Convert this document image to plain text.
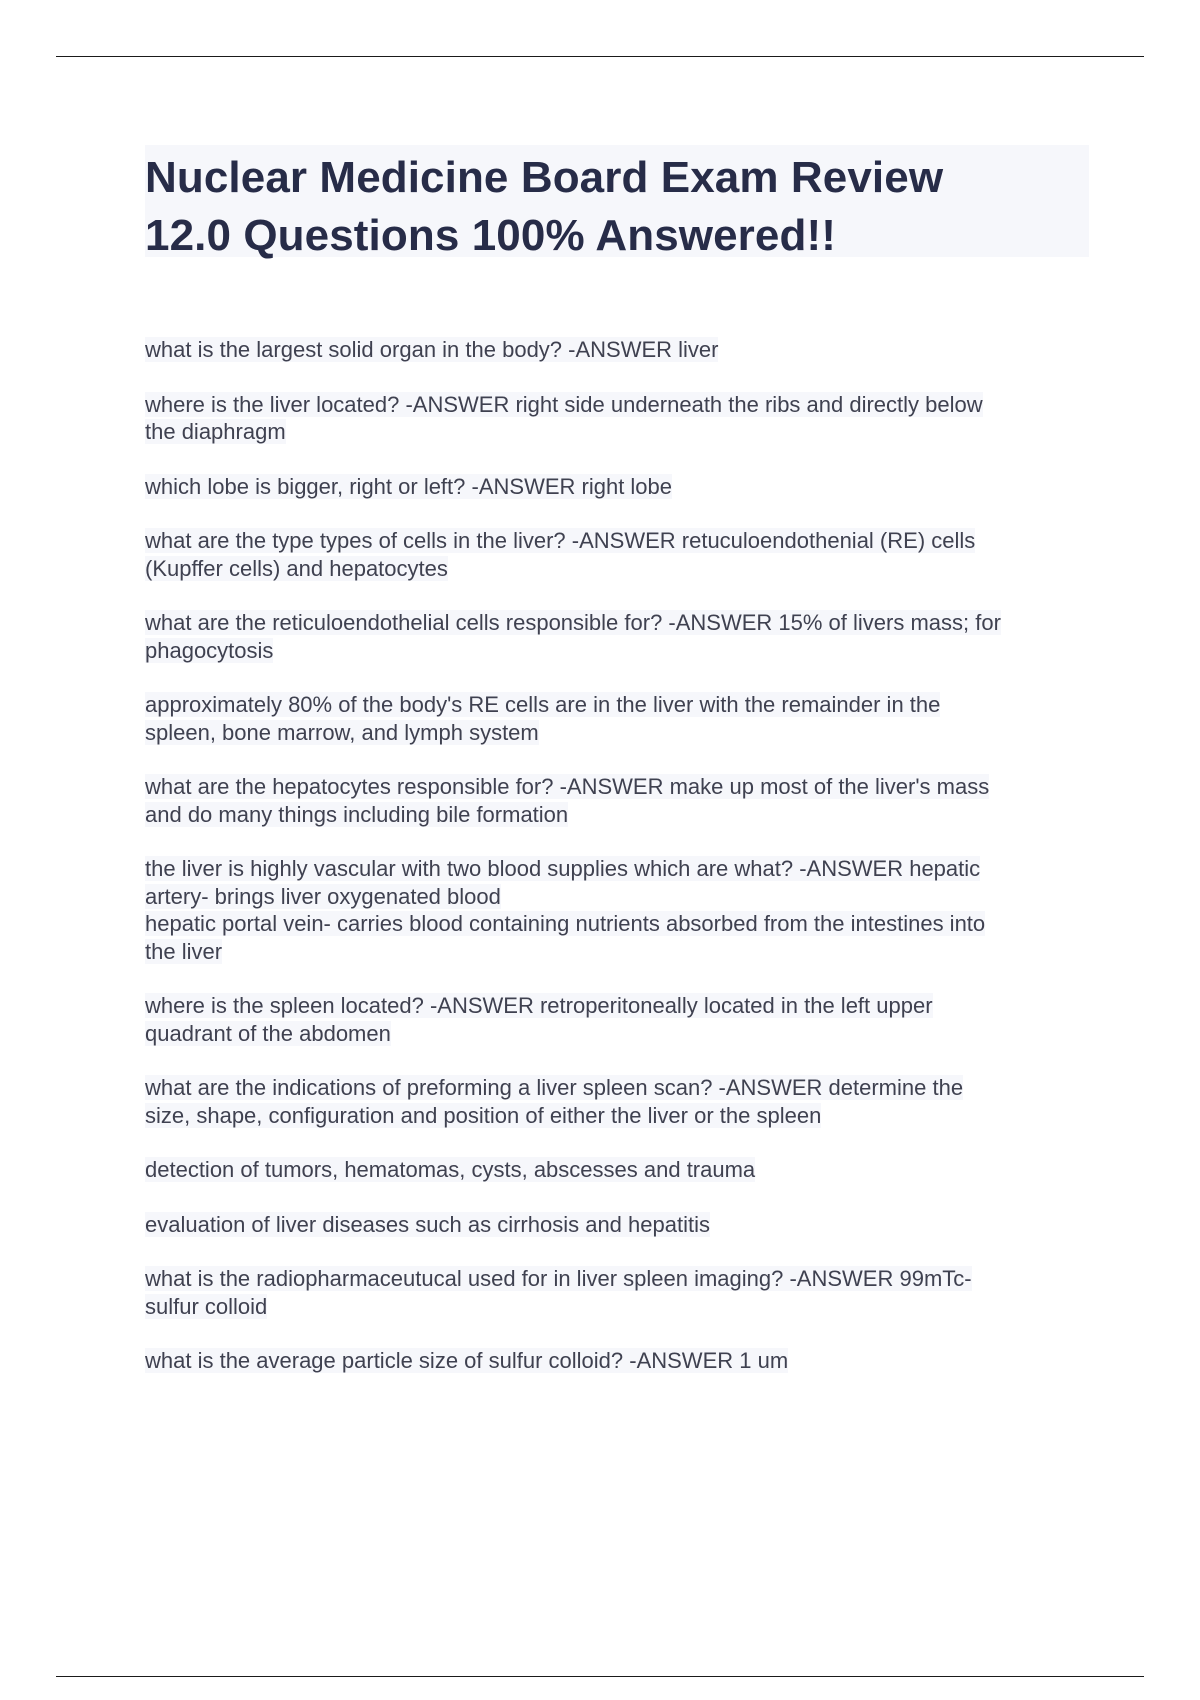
Nuclear Medicine Board Exam Review
12.0 Questions 100% Answered!!
what is the largest solid organ in the body? -ANSWER liver
where is the liver located? -ANSWER right side underneath the ribs and directly below
the diaphragm
which lobe is bigger, right or left? -ANSWER right lobe
what are the type types of cells in the liver? -ANSWER retuculoendothenial (RE) cells
(Kupffer cells) and hepatocytes
what are the reticuloendothelial cells responsible for? -ANSWER 15% of livers mass; for
phagocytosis
approximately 80% of the body's RE cells are in the liver with the remainder in the
spleen, bone marrow, and lymph system
what are the hepatocytes responsible for? -ANSWER make up most of the liver's mass
and do many things including bile formation
the liver is highly vascular with two blood supplies which are what? -ANSWER hepatic
artery- brings liver oxygenated blood
hepatic portal vein- carries blood containing nutrients absorbed from the intestines into
the liver
where is the spleen located? -ANSWER retroperitoneally located in the left upper
quadrant of the abdomen
what are the indications of preforming a liver spleen scan? -ANSWER determine the
size, shape, configuration and position of either the liver or the spleen
detection of tumors, hematomas, cysts, abscesses and trauma
evaluation of liver diseases such as cirrhosis and hepatitis
what is the radiopharmaceutucal used for in liver spleen imaging? -ANSWER 99mTc-
sulfur colloid
what is the average particle size of sulfur colloid? -ANSWER 1 um
